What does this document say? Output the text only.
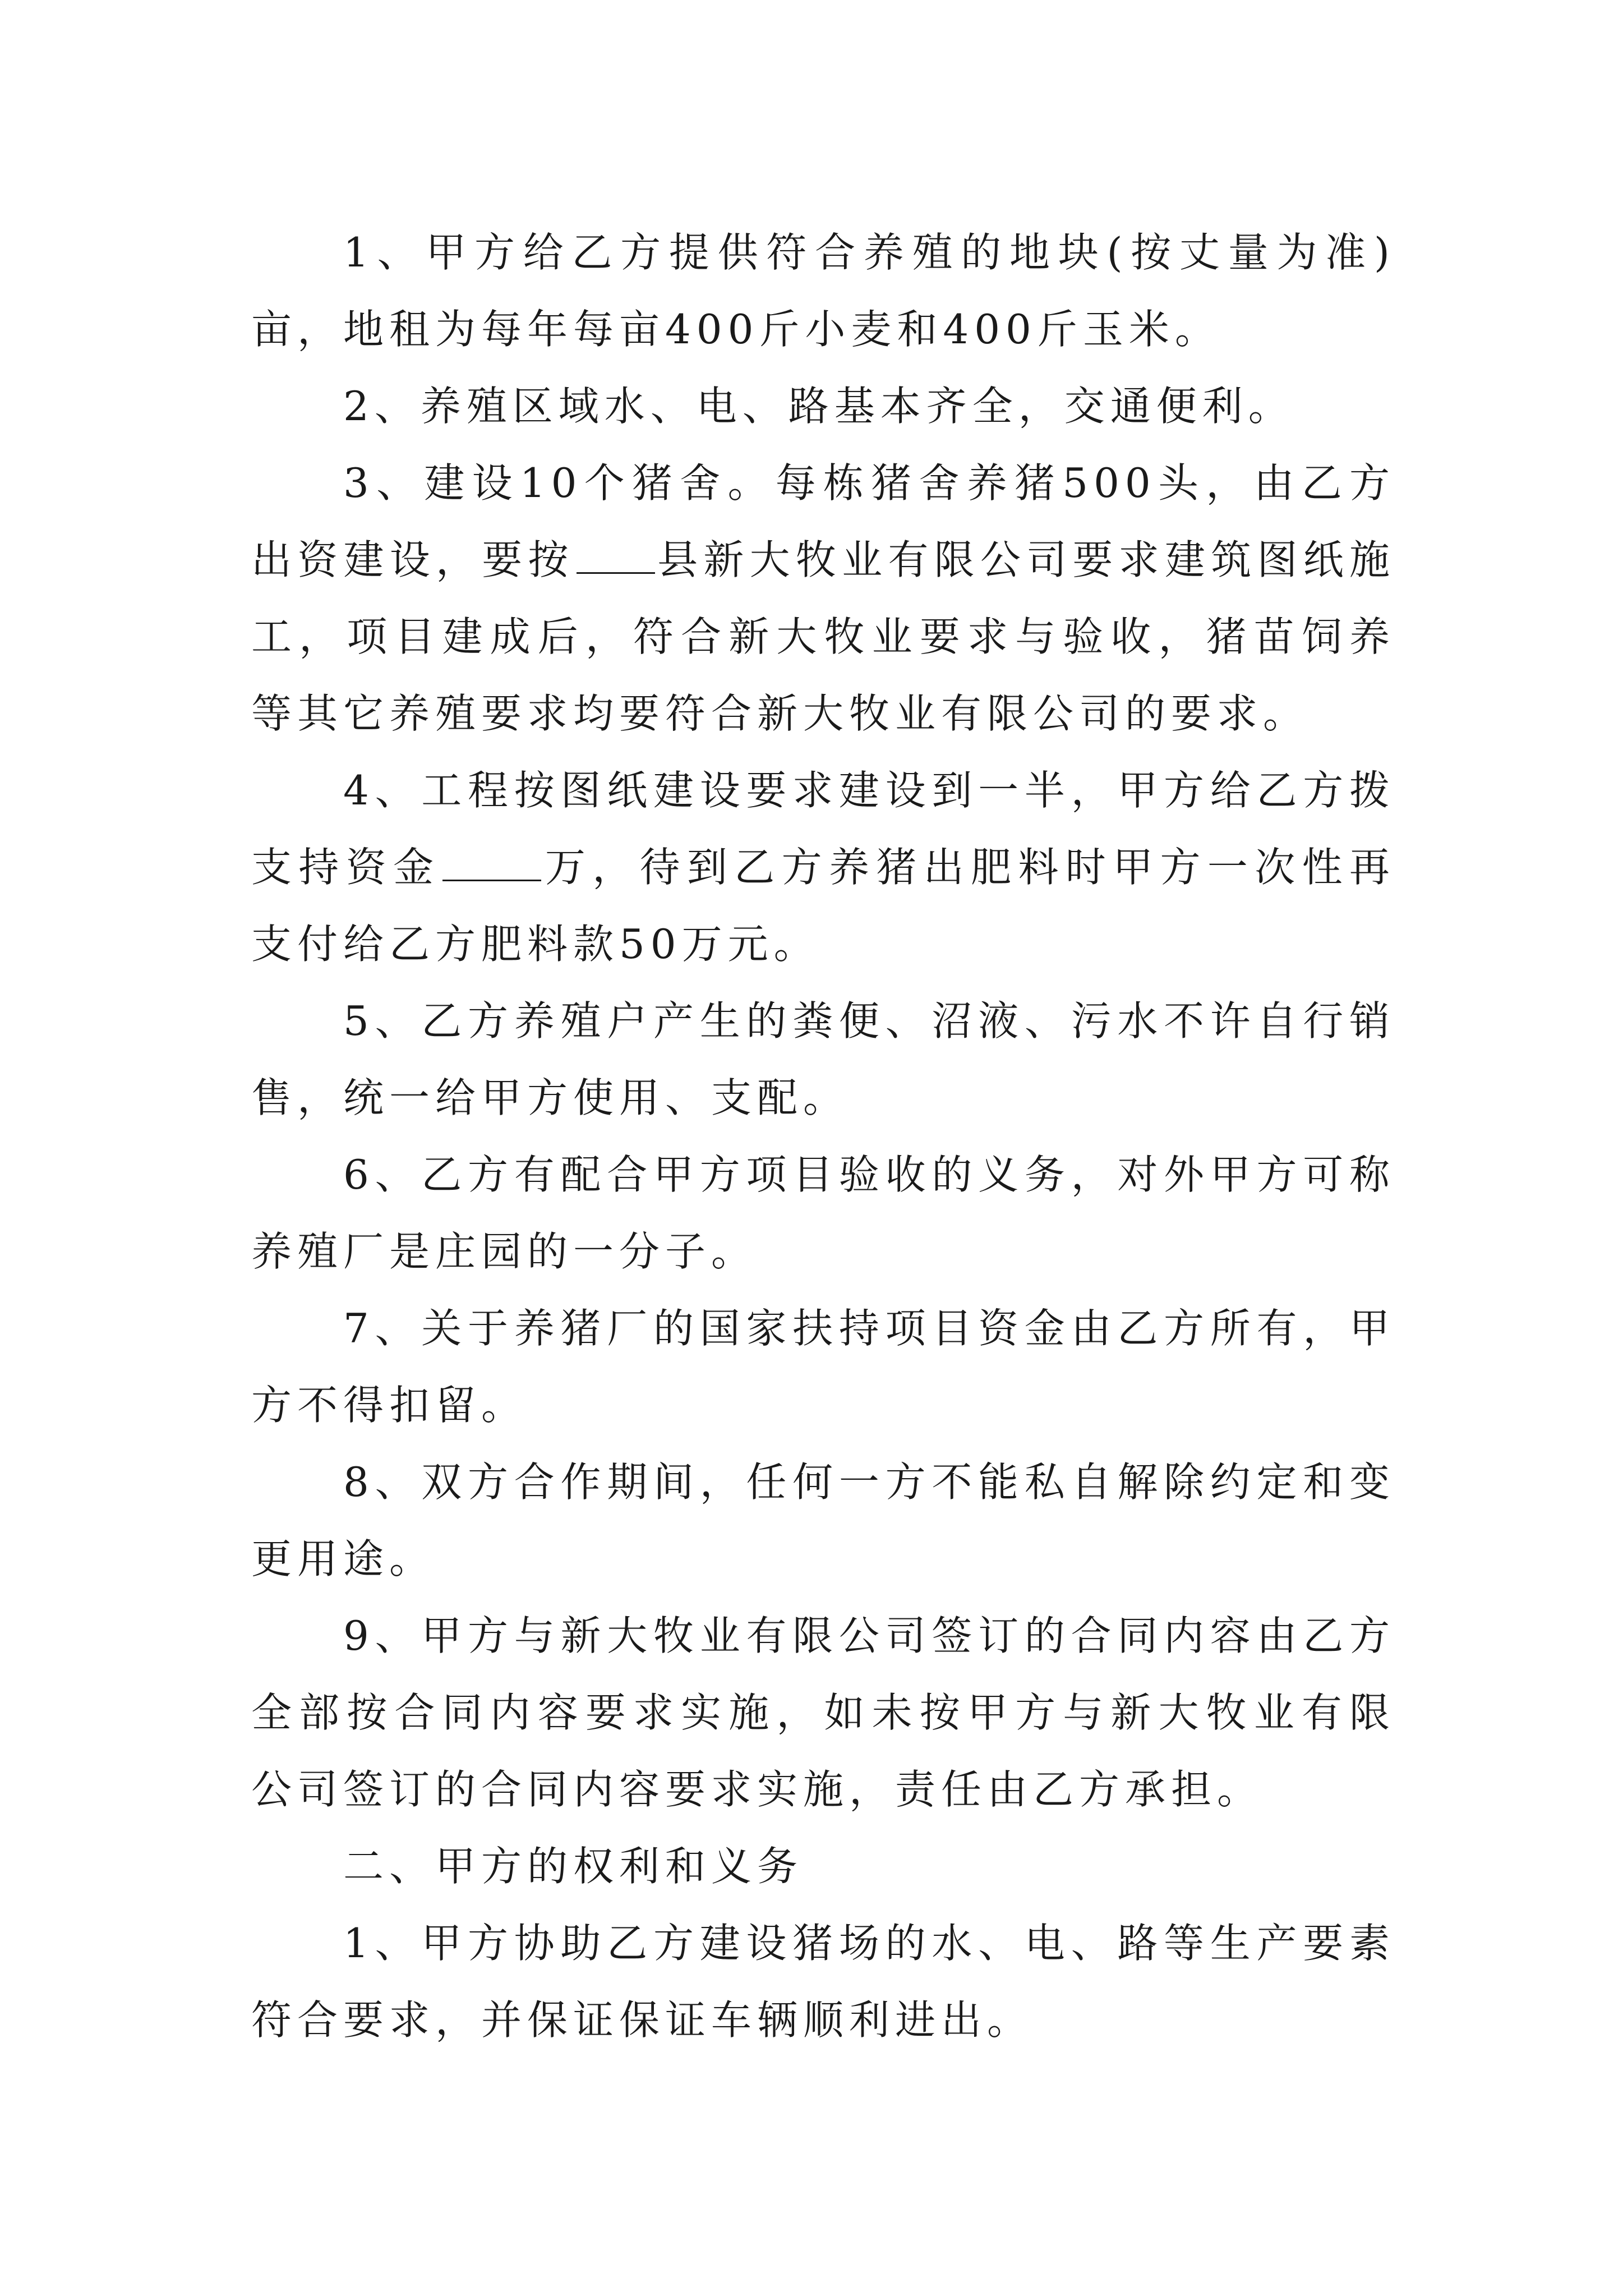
1、甲方给乙方提供符合养殖的地块(按丈量为准)亩，地租为每年每亩400斤小麦和400斤玉米。

2、养殖区域水、电、路基本齐全，交通便利。

3、建设10个猪舍。每栋猪舍养猪500头，由乙方出资建设，要按 县新大牧业有限公司要求建筑图纸施工，项目建成后，符合新大牧业要求与验收，猪苗饲养等其它养殖要求均要符合新大牧业有限公司的要求。

4、工程按图纸建设要求建设到一半，甲方给乙方拨支持资金	万，待到乙方养猪出肥料时甲方一次性再支付给乙方肥料款50万元。

5、乙方养殖户产生的粪便、沼液、污水不许自行销售，统一给甲方使用、支配。

6、乙方有配合甲方项目验收的义务，对外甲方可称养殖厂是庄园的一分子。

7、关于养猪厂的国家扶持项目资金由乙方所有，甲方不得扣留。

8、双方合作期间，任何一方不能私自解除约定和变更用途。

9、甲方与新大牧业有限公司签订的合同内容由乙方全部按合同内容要求实施，如未按甲方与新大牧业有限公司签订的合同内容要求实施，责任由乙方承担。

二、甲方的权利和义务

1、甲方协助乙方建设猪场的水、电、路等生产要素符合要求，并保证保证车辆顺利进出。
